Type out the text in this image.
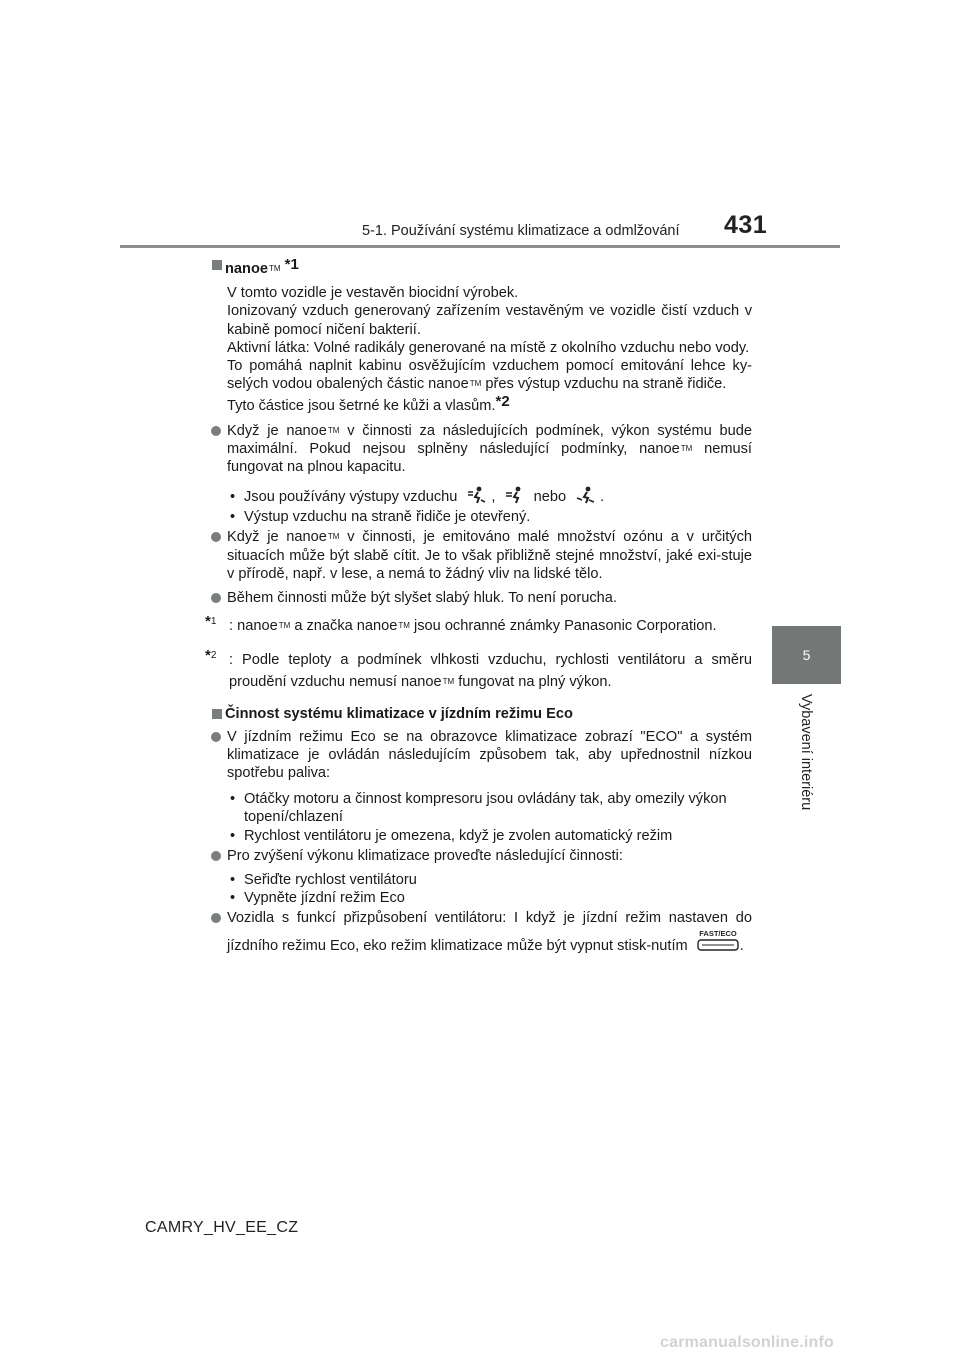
5-1. Používání systému klimatizace a odmlžování 431
5
Vybavení interiéru
nanoeTM *1
V tomto vozidle je vestavěn biocidní výrobek.
Ionizovaný vzduch generovaný zařízením vestavěným ve vozidle čistí vzduch v kabině pomocí ničení bakterií.
Aktivní látka: Volné radikály generované na místě z okolního vzduchu nebo vody.
To pomáhá naplnit kabinu osvěžujícím vzduchem pomocí emitování lehce ky-selých vodou obalených částic nanoeTM přes výstup vzduchu na straně řidiče.
Tyto částice jsou šetrné ke kůži a vlasům.*2
Když je nanoeTM v činnosti za následujících podmínek, výkon systému bude maximální. Pokud nejsou splněny následující podmínky, nanoeTM nemusí fungovat na plnou kapacitu.
• Jsou používány výstupy vzduchu ,	nebo .
• Výstup vzduchu na straně řidiče je otevřený.
Když je nanoeTM v činnosti, je emitováno malé množství ozónu a v určitých situacích může být slabě cítit. Je to však přibližně stejné množství, jaké exi-stuje v přírodě, např. v lese, a nemá to žádný vliv na lidské tělo.
Během činnosti může být slyšet slabý hluk. To není porucha.
*$^1$ : nanoeTM a značka nanoeTM jsou ochranné známky Panasonic Corporation.
*$^2$ : Podle teploty a podmínek vlhkosti vzduchu, rychlosti ventilátoru a směru proudění vzduchu nemusí nanoeTM fungovat na plný výkon.
Činnost systému klimatizace v jízdním režimu Eco
V jízdním režimu Eco se na obrazovce klimatizace zobrazí "ECO" a systém klimatizace je ovládán následujícím způsobem tak, aby upřednostnil nízkou spotřebu paliva:
• Otáčky motoru a činnost kompresoru jsou ovládány tak, aby omezily výkon topení/chlazení
• Rychlost ventilátoru je omezena, když je zvolen automatický režim
Pro zvýšení výkonu klimatizace proveďte následující činnosti:
• Seřiďte rychlost ventilátoru
• Vypněte jízdní režim Eco
Vozidla s funkcí přizpůsobení ventilátoru: I když je jízdní režim nastaven do jízdního režimu Eco, eko režim klimatizace může být vypnut stisk-nutím
FAST/ECO
.
CAMRY_HV_EE_CZ
carmanualsonline.info
